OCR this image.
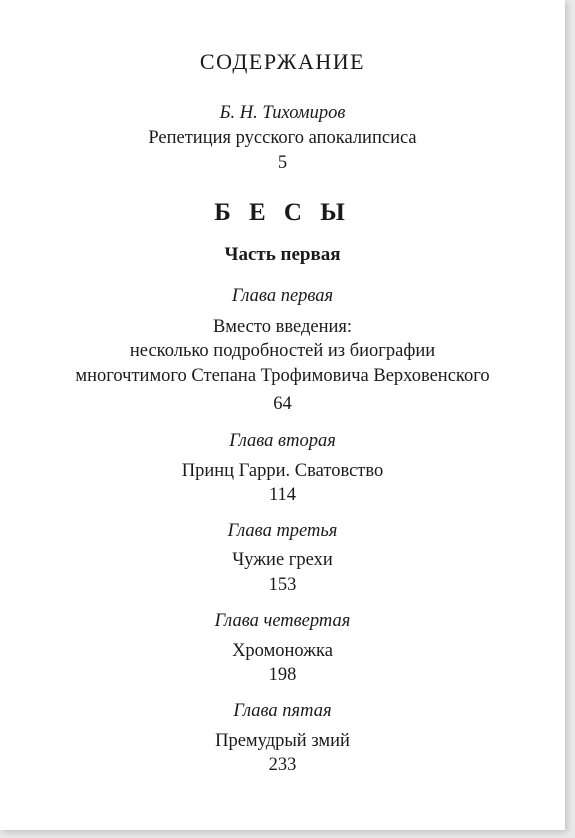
СОДЕРЖАНИЕ
Б. Н. Тихомиров
Репетиция русского апокалипсиса
5
Б Е С Ы
Часть первая
Глава первая
Вместо введения:
несколько подробностей из биографии
многочтимого Степана Трофимовича Верховенского
64
Глава вторая
Принц Гарри. Сватовство
114
Глава третья
Чужие грехи
153
Глава четвертая
Хромоножка
198
Глава пятая
Премудрый змий
233
